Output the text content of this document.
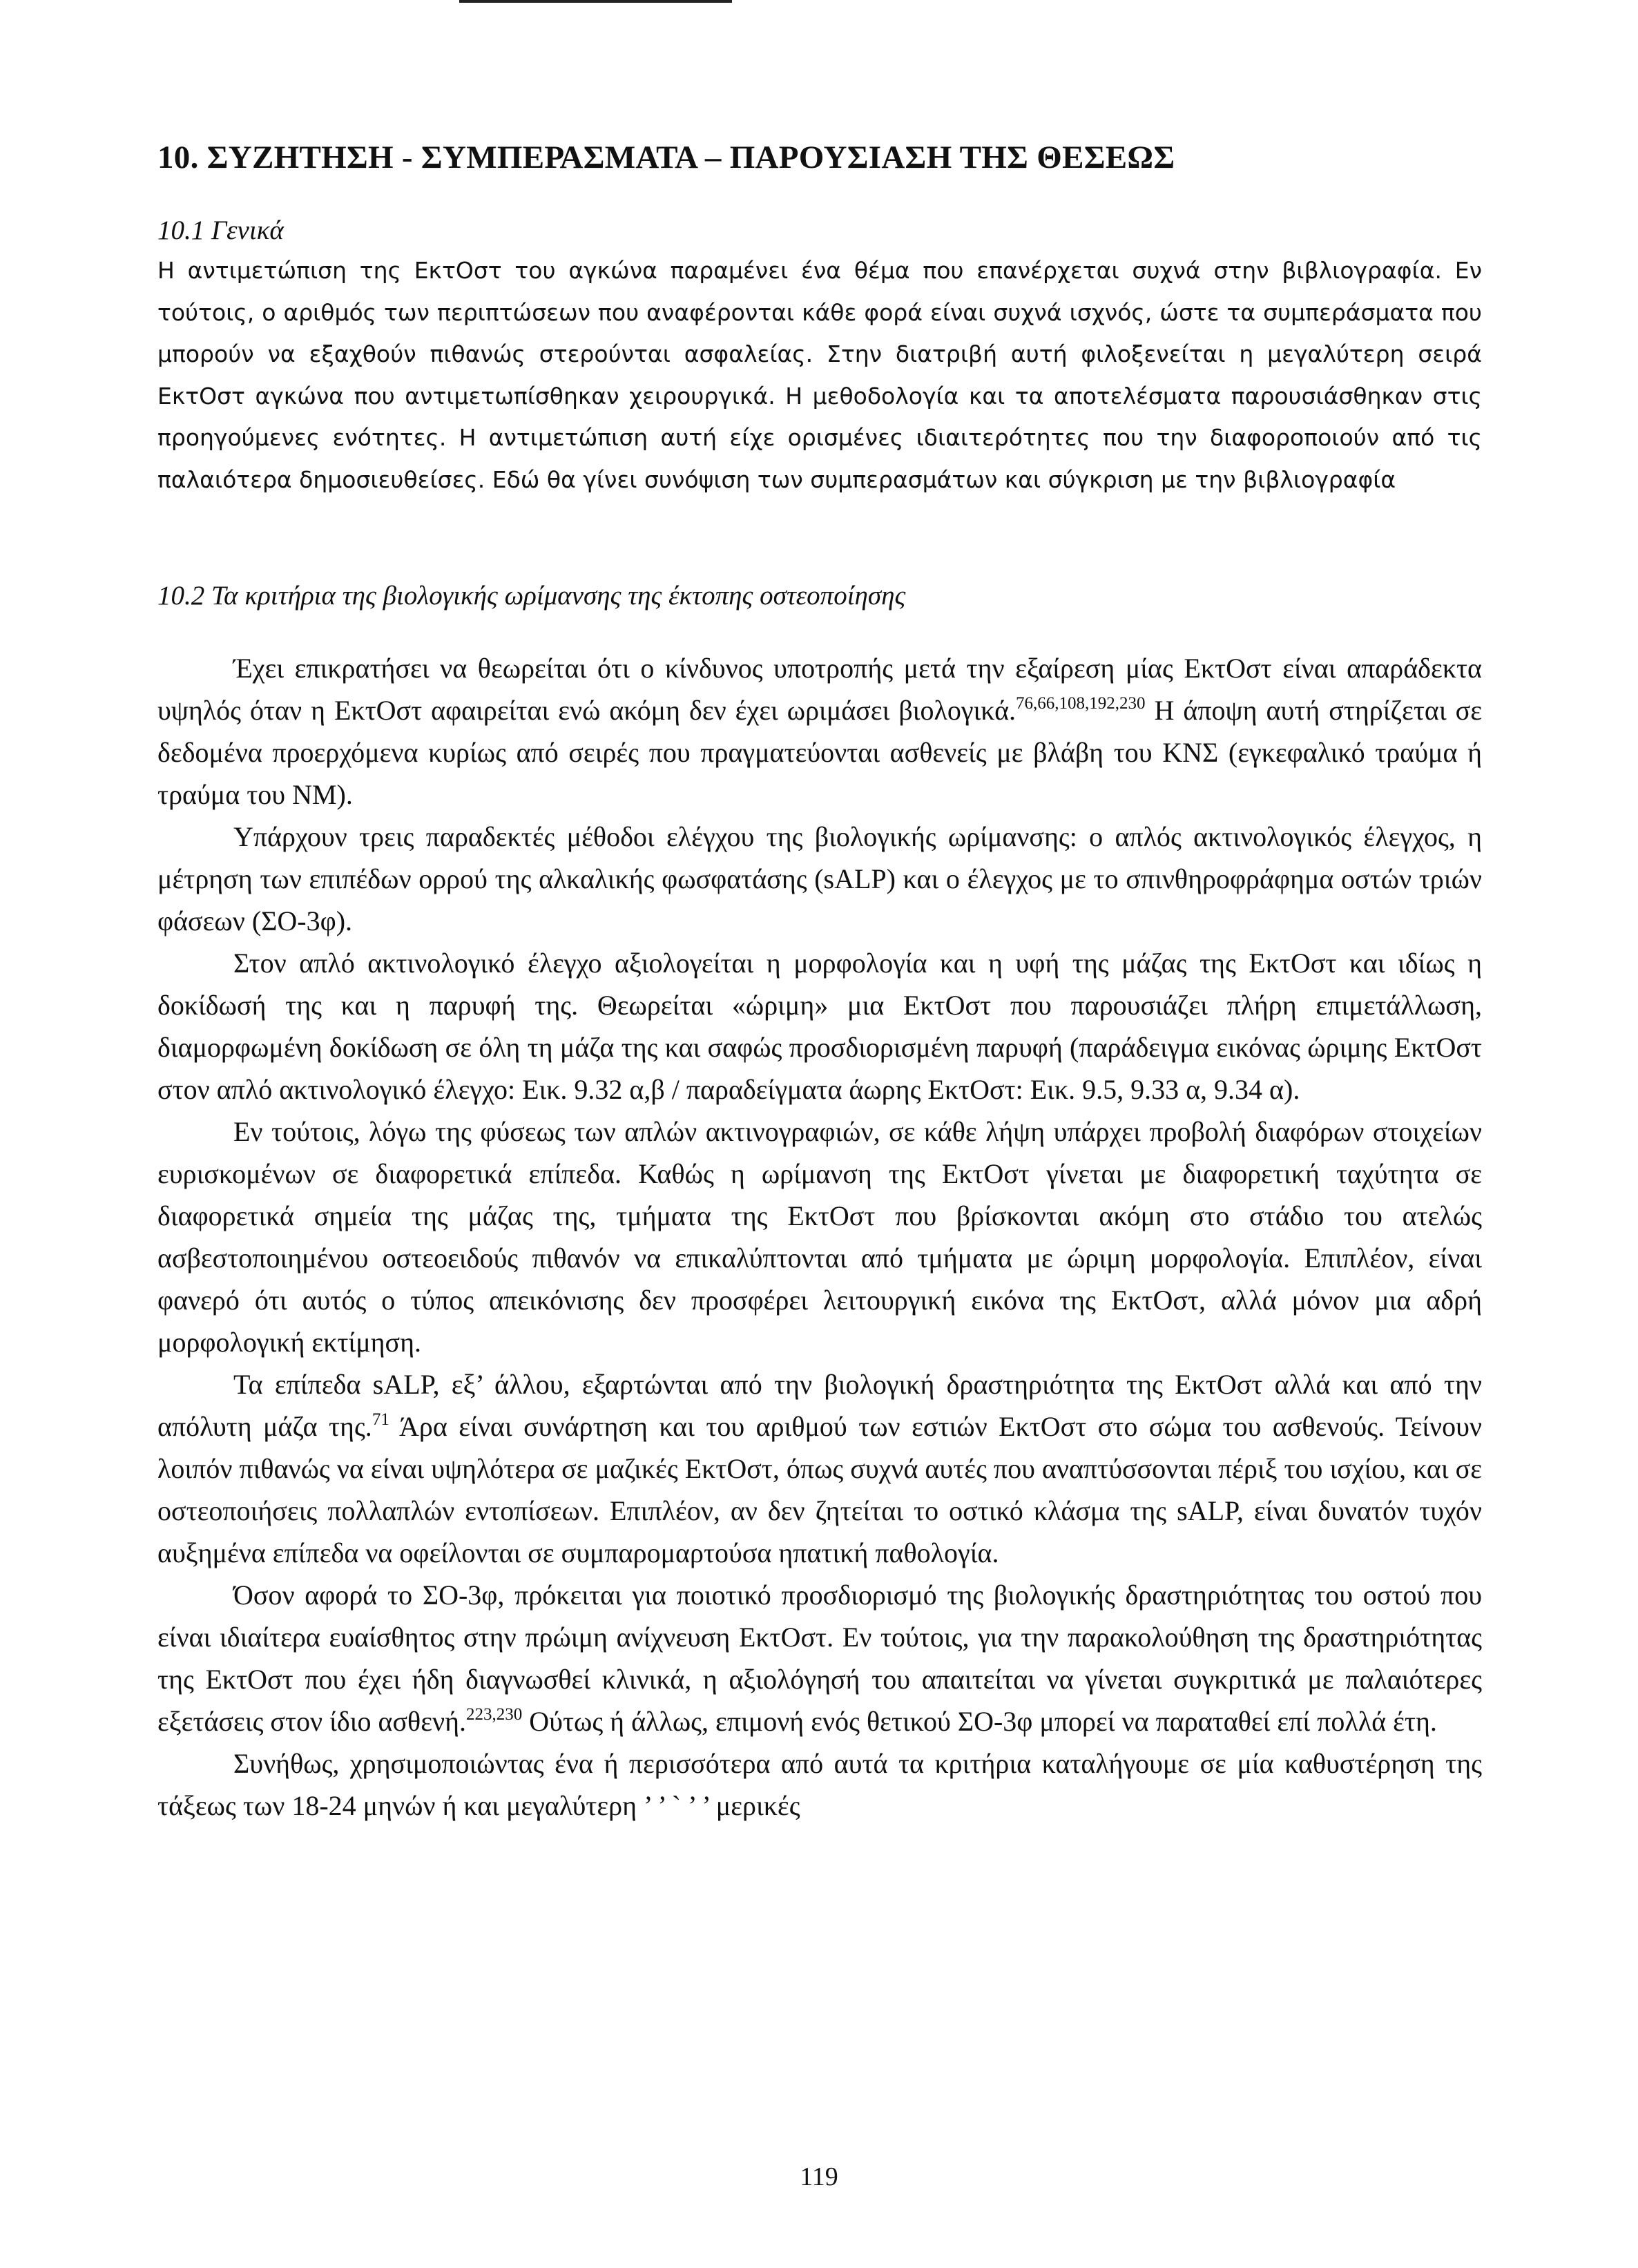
10. ΣΥΖΗΤΗΣΗ - ΣΥΜΠΕΡΑΣΜΑΤΑ – ΠΑΡΟΥΣΙΑΣΗ ΤΗΣ ΘΕΣΕΩΣ

10.1 Γενικά

Η αντιμετώπιση της ΕκτΟστ του αγκώνα παραμένει ένα θέμα που επανέρχεται συχνά στην βιβλιογραφία. Εν τούτοις, ο αριθμός των περιπτώσεων που αναφέρονται κάθε φορά είναι συχνά ισχνός, ώστε τα συμπεράσματα που μπορούν να εξαχθούν πιθανώς στερούνται ασφαλείας. Στην διατριβή αυτή φιλοξενείται η μεγαλύτερη σειρά ΕκτΟστ αγκώνα που αντιμετωπίσθηκαν χειρουργικά. Η μεθοδολογία και τα αποτελέσματα παρουσιάσθηκαν στις προηγούμενες ενότητες. Η αντιμετώπιση αυτή είχε ορισμένες ιδιαιτερότητες που την διαφοροποιούν από τις παλαιότερα δημοσιευθείσες. Εδώ θα γίνει συνόψιση των συμπερασμάτων και σύγκριση με την βιβλιογραφία

10.2 Τα κριτήρια της βιολογικής ωρίμανσης της έκτοπης οστεοποίησης

Έχει επικρατήσει να θεωρείται ότι ο κίνδυνος υποτροπής μετά την εξαίρεση μίας ΕκτΟστ είναι απαράδεκτα υψηλός όταν η ΕκτΟστ αφαιρείται ενώ ακόμη δεν έχει ωριμάσει βιολογικά.$^{76,66,108,192,230}$ Η άποψη αυτή στηρίζεται σε δεδομένα προερχόμενα κυρίως από σειρές που πραγματεύονται ασθενείς με βλάβη του ΚΝΣ (εγκεφαλικό τραύμα ή τραύμα του ΝΜ).

Υπάρχουν τρεις παραδεκτές μέθοδοι ελέγχου της βιολογικής ωρίμανσης: ο απλός ακτινολογικός έλεγχος, η μέτρηση των επιπέδων ορρού της αλκαλικής φωσφατάσης (sALP) και ο έλεγχος με το σπινθηροφράφημα οστών τριών φάσεων (ΣΟ-3φ).

Στον απλό ακτινολογικό έλεγχο αξιολογείται η μορφολογία και η υφή της μάζας της ΕκτΟστ και ιδίως η δοκίδωσή της και η παρυφή της. Θεωρείται «ώριμη» μια ΕκτΟστ που παρουσιάζει πλήρη επιμετάλλωση, διαμορφωμένη δοκίδωση σε όλη τη μάζα της και σαφώς προσδιορισμένη παρυφή (παράδειγμα εικόνας ώριμης ΕκτΟστ στον απλό ακτινολογικό έλεγχο: Εικ. 9.32 α,β / παραδείγματα άωρης ΕκτΟστ: Εικ. 9.5, 9.33 α, 9.34 α).

Εν τούτοις, λόγω της φύσεως των απλών ακτινογραφιών, σε κάθε λήψη υπάρχει προβολή διαφόρων στοιχείων ευρισκομένων σε διαφορετικά επίπεδα. Καθώς η ωρίμανση της ΕκτΟστ γίνεται με διαφορετική ταχύτητα σε διαφορετικά σημεία της μάζας της, τμήματα της ΕκτΟστ που βρίσκονται ακόμη στο στάδιο του ατελώς ασβεστοποιημένου οστεοειδούς πιθανόν να επικαλύπτονται από τμήματα με ώριμη μορφολογία. Επιπλέον, είναι φανερό ότι αυτός ο τύπος απεικόνισης δεν προσφέρει λειτουργική εικόνα της ΕκτΟστ, αλλά μόνον μια αδρή μορφολογική εκτίμηση.

Τα επίπεδα sALP, εξ’ άλλου, εξαρτώνται από την βιολογική δραστηριότητα της ΕκτΟστ αλλά και από την απόλυτη μάζα της.$^{71}$ Άρα είναι συνάρτηση και του αριθμού των εστιών ΕκτΟστ στο σώμα του ασθενούς. Τείνουν λοιπόν πιθανώς να είναι υψηλότερα σε μαζικές ΕκτΟστ, όπως συχνά αυτές που αναπτύσσονται πέριξ του ισχίου, και σε οστεοποιήσεις πολλαπλών εντοπίσεων. Επιπλέον, αν δεν ζητείται το οστικό κλάσμα της sALP, είναι δυνατόν τυχόν αυξημένα επίπεδα να οφείλονται σε συμπαρομαρτούσα ηπατική παθολογία.

Όσον αφορά το ΣΟ-3φ, πρόκειται για ποιοτικό προσδιορισμό της βιολογικής δραστηριότητας του οστού που είναι ιδιαίτερα ευαίσθητος στην πρώιμη ανίχνευση ΕκτΟστ. Εν τούτοις, για την παρακολούθηση της δραστηριότητας της ΕκτΟστ που έχει ήδη διαγνωσθεί κλινικά, η αξιολόγησή του απαιτείται να γίνεται συγκριτικά με παλαιότερες εξετάσεις στον ίδιο ασθενή.$^{223,230}$ Ούτως ή άλλως, επιμονή ενός θετικού ΣΟ-3φ μπορεί να παραταθεί επί πολλά έτη.

Συνήθως, χρησιμοποιώντας ένα ή περισσότερα από αυτά τα κριτήρια καταλήγουμε σε μία καθυστέρηση της τάξεως των 18-24 μηνών ή και μεγαλύτερη ’ ’ ` ’ ’ μερικές

119
